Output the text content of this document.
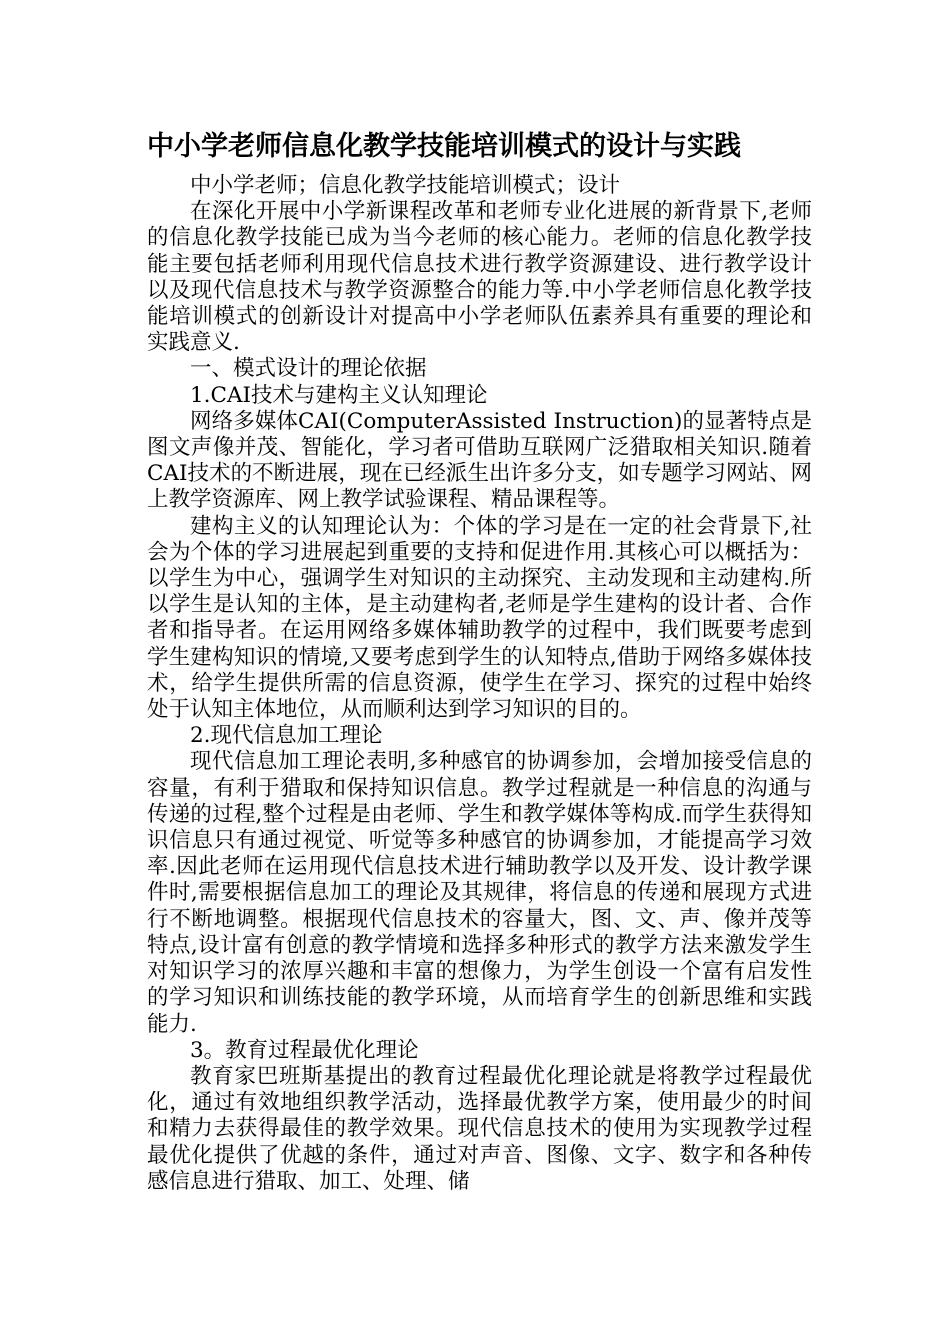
中小学老师信息化教学技能培训模式的设计与实践

中小学老师；信息化教学技能培训模式；设计

在深化开展中小学新课程改革和老师专业化进展的新背景下,老师的信息化教学技能已成为当今老师的核心能力。老师的信息化教学技能主要包括老师利用现代信息技术进行教学资源建设、进行教学设计以及现代信息技术与教学资源整合的能力等.中小学老师信息化教学技能培训模式的创新设计对提高中小学老师队伍素养具有重要的理论和实践意义.

一、模式设计的理论依据

1.CAI技术与建构主义认知理论

网络多媒体CAI(ComputerAssisted Instruction)的显著特点是图文声像并茂、智能化，学习者可借助互联网广泛猎取相关知识.随着CAI技术的不断进展，现在已经派生出许多分支，如专题学习网站、网上教学资源库、网上教学试验课程、精品课程等。

建构主义的认知理论认为：个体的学习是在一定的社会背景下,社会为个体的学习进展起到重要的支持和促进作用.其核心可以概括为：以学生为中心，强调学生对知识的主动探究、主动发现和主动建构.所以学生是认知的主体，是主动建构者,老师是学生建构的设计者、合作者和指导者。在运用网络多媒体辅助教学的过程中，我们既要考虑到学生建构知识的情境,又要考虑到学生的认知特点,借助于网络多媒体技术，给学生提供所需的信息资源，使学生在学习、探究的过程中始终处于认知主体地位，从而顺利达到学习知识的目的。

2.现代信息加工理论

现代信息加工理论表明,多种感官的协调参加，会增加接受信息的容量，有利于猎取和保持知识信息。教学过程就是一种信息的沟通与传递的过程,整个过程是由老师、学生和教学媒体等构成.而学生获得知识信息只有通过视觉、听觉等多种感官的协调参加，才能提高学习效率.因此老师在运用现代信息技术进行辅助教学以及开发、设计教学课件时,需要根据信息加工的理论及其规律，将信息的传递和展现方式进行不断地调整。根据现代信息技术的容量大，图、文、声、像并茂等特点,设计富有创意的教学情境和选择多种形式的教学方法来激发学生对知识学习的浓厚兴趣和丰富的想像力，为学生创设一个富有启发性的学习知识和训练技能的教学环境，从而培育学生的创新思维和实践能力.

3。教育过程最优化理论

教育家巴班斯基提出的教育过程最优化理论就是将教学过程最优化，通过有效地组织教学活动，选择最优教学方案，使用最少的时间和精力去获得最佳的教学效果。现代信息技术的使用为实现教学过程最优化提供了优越的条件，通过对声音、图像、文字、数字和各种传感信息进行猎取、加工、处理、储
